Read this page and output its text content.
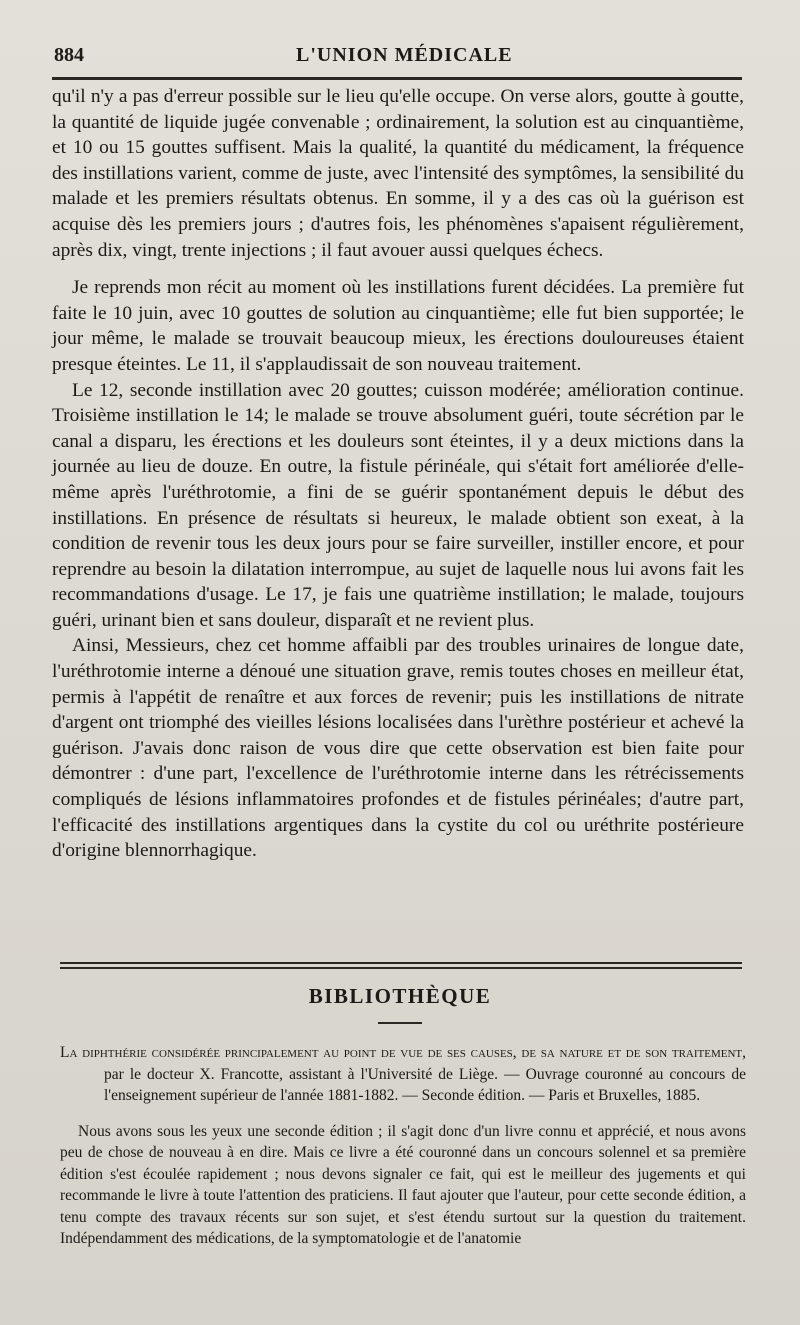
884	L'UNION MÉDICALE

qu'il n'y a pas d'erreur possible sur le lieu qu'elle occupe. On verse alors, goutte à goutte, la quantité de liquide jugée convenable ; ordinairement, la solution est au cinquantième, et 10 ou 15 gouttes suffisent. Mais la qualité, la quantité du médicament, la fréquence des instillations varient, comme de juste, avec l'intensité des symptômes, la sensibilité du malade et les premiers résultats obtenus. En somme, il y a des cas où la guérison est acquise dès les premiers jours ; d'autres fois, les phénomènes s'apaisent régulièrement, après dix, vingt, trente injections ; il faut avouer aussi quelques échecs.

Je reprends mon récit au moment où les instillations furent décidées. La première fut faite le 10 juin, avec 10 gouttes de solution au cinquantième; elle fut bien supportée; le jour même, le malade se trouvait beaucoup mieux, les érections douloureuses étaient presque éteintes. Le 11, il s'applaudissait de son nouveau traitement.

Le 12, seconde instillation avec 20 gouttes; cuisson modérée; amélioration continue. Troisième instillation le 14; le malade se trouve absolument guéri, toute sécrétion par le canal a disparu, les érections et les douleurs sont éteintes, il y a deux mictions dans la journée au lieu de douze. En outre, la fistule périnéale, qui s'était fort améliorée d'elle-même après l'uréthrotomie, a fini de se guérir spontanément depuis le début des instillations. En présence de résultats si heureux, le malade obtient son exeat, à la condition de revenir tous les deux jours pour se faire surveiller, instiller encore, et pour reprendre au besoin la dilatation interrompue, au sujet de laquelle nous lui avons fait les recommandations d'usage. Le 17, je fais une quatrième instillation; le malade, toujours guéri, urinant bien et sans douleur, disparaît et ne revient plus.

Ainsi, Messieurs, chez cet homme affaibli par des troubles urinaires de longue date, l'uréthrotomie interne a dénoué une situation grave, remis toutes choses en meilleur état, permis à l'appétit de renaître et aux forces de revenir; puis les instillations de nitrate d'argent ont triomphé des vieilles lésions localisées dans l'urèthre postérieur et achevé la guérison. J'avais donc raison de vous dire que cette observation est bien faite pour démontrer : d'une part, l'excellence de l'uréthrotomie interne dans les rétrécissements compliqués de lésions inflammatoires profondes et de fistules périnéales; d'autre part, l'efficacité des instillations argentiques dans la cystite du col ou uréthrite postérieure d'origine blennorrhagique.

BIBLIOTHÈQUE

La diphthérie considérée principalement au point de vue de ses causes, de sa nature et de son traitement, par le docteur X. Francotte, assistant à l'Université de Liège. — Ouvrage couronné au concours de l'enseignement supérieur de l'année 1881-1882. — Seconde édition. — Paris et Bruxelles, 1885.

Nous avons sous les yeux une seconde édition ; il s'agit donc d'un livre connu et apprécié, et nous avons peu de chose de nouveau à en dire. Mais ce livre a été couronné dans un concours solennel et sa première édition s'est écoulée rapidement ; nous devons signaler ce fait, qui est le meilleur des jugements et qui recommande le livre à toute l'attention des praticiens. Il faut ajouter que l'auteur, pour cette seconde édition, a tenu compte des travaux récents sur son sujet, et s'est étendu surtout sur la question du traitement. Indépendamment des médications, de la symptomatologie et de l'anatomie
